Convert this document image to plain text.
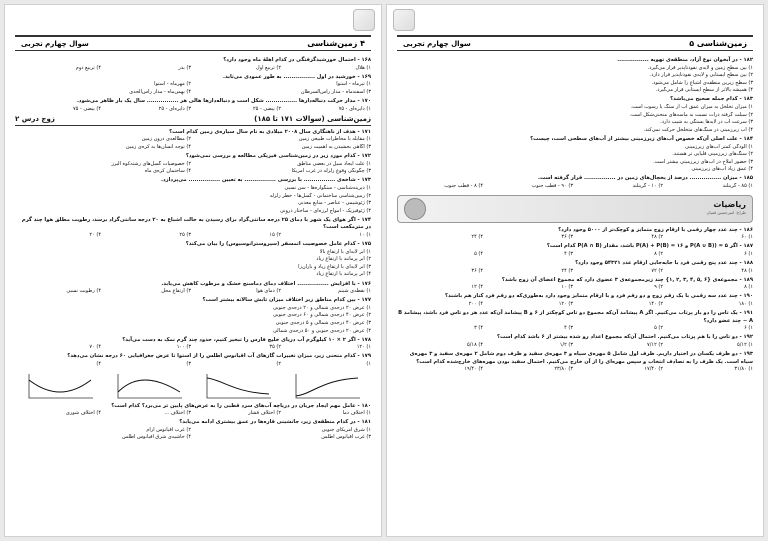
۴ زمین‌شناسی
سوال چهارم تجربی
۱۶۸ - احتمال خورشیدگرفتگی در کدام اهلهٔ ماه وجود دارد؟
۱) هلال
۲) تربیع اول
۳) بدر
۴) تربیع دوم
۱۶۹ - خورشید در اول ................ به طور عمودی می‌تابد.
۱) تیرماه - استوا
۲) مهرماه - استوا
۳) اسفندماه - مدار رأس‌السرطان
۴) بهمن‌ماه - مدار رأس‌الجدی
۱۷۰ - مدار حرکت دنباله‌دارها ................ شکل است و دنباله‌دارها هالی هر ................ سال یک بار ظاهر می‌شود.
۱) دایره‌ای - ۷۵
۲) بیضی - ۲۵
۳) دایره‌ای - ۲۵
۴) بیضی - ۷۵
زمین‌شناسی (سوالات ۱۷۱ تا ۱۸۵)
زوج درس ۲
۱۷۱ - هدف از ناهنگاری سال ۲۰۰۸ میلادی به نام سال سیاره‌ی زمین کدام است؟
۱) مقابله با مخاطرات طبیعی زمین
۲) مطالعه‌ی درون زمین
۳) آگاهی بخشیدن به اهمیت زمین
۴) توجه انسان‌ها به کره‌ی زمین
۱۷۲ - کدام مورد زیر در زمین‌شناسی فیزیکی مطالعه و بررسی نمی‌شود؟
۱) علت ایجاد سیل در بعضی مناطق
۲) خصوصیات گسل‌های رشته‌کوه البرز
۳) چگونگی وقوع زلزله در غرب آمریکا
۴) ساختمان کره‌ی ماه
۱۷۳ - شاخه‌ی ................ با بررسی ................ به تعیین ................ می‌پردازد.
۱) دیرینه‌شناسی - سنگواره‌ها - سن نسبی
۲) زمین‌شناسی ساختمانی - گسل‌ها - خطر زلزله
۳) ژئوشیمی - عناصر - منابع معدنی
۴) ژئوفیزیک - امواج لرزه‌ای - ساختار درونی
۱۷۴ - اگر هوای یک شهر با دمای ۲۵ درجه سانتی‌گراد برای رسیدن به حالت اشباع به ۲۰ درجه سانتی‌گراد برسد، رطوبت مطلق هوا چند گرم در مترمکعب است؟
۱) ۱۰
۲) ۱۵
۳) ۲۵
۴) ۲۰
۱۷۵ - کدام عامل خصوصیت اتمسفر (سیروسترانوسیوس) را بیان می‌کند؟
۱) ابر لایه‌ای با ارتفاع بالا
۲) ابر پرمانند با ارتفاع زیاد
۳) ابر لایه‌ای با ارتفاع زیاد و باران‌زا
۴) ابر پرمانند با ارتفاع زیاد
۱۷۶ - با افزایش ................ اختلاف دمای دماسنج خشک و مرطوب کاهش می‌یابد.
۱) نقطه‌ی شبنم
۲) دمای هوا
۳) ارتفاع محل
۴) رطوبت نسبی
۱۷۷ - بین کدام مناطق زیر اختلاف میزان تابش سالانه بیشتر است؟
۱) عرض ۲۰ درجه‌ی شمالی و ۲۰ درجه‌ی جنوبی
۲) عرض ۴۰ درجه‌ی شمالی و ۶۰ درجه‌ی جنوبی
۳) عرض ۴۰ درجه‌ی شمالی و ۵ درجه‌ی جنوبی
۴) عرض ۲۰ درجه‌ی جنوبی و ۵۰ درجه‌ی شمالی
۱۷۸ - اگر ۲ × ۱۰ کیلوگرم آب دریای خلیج فارس را تبخیر کنیم، حدود چند گرم نمک به دست می‌آید؟
۱) ۱۲۰
۲) ۳۵
۳) ۱۰۰
۴) ۷۰
۱۷۹ - کدام منحنی زیر، میزان تغییرات گازهای آب اقیانوس اطلس را از استوا تا عرض جغرافیایی ۶۰ درجه نشان می‌دهد؟
۱)
۲)
۳)
۴)
۱۸۰ - عامل مهم ایجاد جریان در دریاچه آب‌های سرد قطبی را به عرض‌های پایین تر می‌برد؟ کدام است؟
۱) اختلاف دما
۲) اختلاف فشار
۳) اختلاف ...
۴) اختلاف شوری
۱۸۱ - در کدام منطقه‌ی زیر، جانشینی قاره‌ها در عمق بیشتری ادامه می‌یابد؟
۱) شرق آمریکای جنوبی
۲) غرب اقیانوس آرام
۳) غرب اقیانوس اطلس
۴) حاشیه‌ی شرق اقیانوس اطلس
زمین‌شناسی ۵
سوال چهارم تجربی
۱۸۲ - در آبخوان نوع آزاد، منطقه‌ی تهویه ................
۱) بین سطح زمین و لایه‌ی نفوذناپذیر قرار می‌گیرد.
۲) بین سطح ایستابی و لایه‌ی نفوذناپذیر قرار دارد.
۳) سطح زیرین منطقه‌ی اشباع را شامل می‌شود.
۴) همیشه بالاتر از سطح ایستابی قرار می‌گیرد.
۱۸۳ - کدام جمله صحیح می‌باشد؟
۱) میزان تخلخل به میزان عمق آب از سنگ یا رسوب است.
۲) سیلت گرفته ذرات نسبت به ماسه‌های منحنی‌شکل است.
۳) سرعت آب در لایه‌ها بستگی به شیب دارد.
۴) آب زیرزمینی در سنگ‌های متخلخل حرکت نمی‌کند.
۱۸۴ - علت اصلی آن‌که خصوص آب‌های زیرزمینی بیشتر از آب‌های سطحی است، چیست؟
۱) آلودگی کمتر آب‌های زیرزمینی
۲) سنگ‌های زیرزمینی قلیایی تر هستند.
۳) حضور املاح در آب‌های زیرزمینی بیشتر است.
۴) عمق زیاد آب‌های زیرزمینی
۱۸۵ - میزان ................ درصد از یخچال‌های زمین در ................ قرار گرفته است.
۱) ۸۵ - گرینلند
۲) ۱۰ - گرینلند
۳) ۹۰ - قطب جنوب
۴) ۸ - قطب جنوب
ریاضیات
طراح: امیرحسین قمیان
۱۸۶ - چند عدد چهار رقمی با ارقام زوج متمایز و کوچک‌تر از ۵۰۰۰ وجود دارد؟
۱) ۶۰
۲) ۴۸
۳) ۳۶
۴) ۲۴
۱۸۷ - اگر ۵ = (P(A ∪ B) و ۱۶ = P(A) + P(B) باشد، مقدار (P(A ∩ B کدام است؟
۱) ۶
۲) ۸
۳) ۴
۴) ۵
۱۸۸ - چند عدد پنج رقمی فرد با جابه‌جایی ارقام عدد ۵۴۳۲۱ وجود دارد؟
۱) ۴۸
۲) ۷۲
۳) ۲۴
۴) ۳۶
۱۸۹ - مجموعه‌ی {۶ ,۵ ,۴ ,۳ ,۲ ,۱} چند زیرمجموعه‌ی ۳ عضوی دارد که مجموع اعضای آن زوج باشد؟
۱) ۸
۲) ۹
۳) ۱۰
۴) ۱۲
۱۹۰ - چند عدد سه رقمی با یک رقم زوج و دو رقم فرد و با ارقام متمایز وجود دارد به‌طوری‌که دو رقم فرد کنار هم باشند؟
۱) ۱۸۰
۲) ۱۴۰
۳) ۱۲۰
۴) ۲۰۰
۱۹۱ - یک تاس را دو بار پرتاب می‌کنیم. اگر A پیشامد آن‌که مجموع دو تاس کوچکتر از ۶ و B پیشامد آن‌که عدد هر دو تاس فرد باشد، پیشامد B − A چند عضو دارد؟
۱) ۶
۲) ۵
۳) ۴
۴) ۳
۱۹۲ - دو تاس را با هم پرتاب می‌کنیم. احتمال آن‌که مجموع اعداد رو شده بیشتر از ۶ باشد کدام است؟
۱) ۵/۱۲
۲) ۷/۱۲
۳) ۱/۲
۴) ۵/۱۸
۱۹۳ - دو ظرف یکسان در اختیار داریم. ظرف اول شامل ۵ مهره‌ی سیاه و ۳ مهره‌ی سفید و ظرف دوم شامل ۲ مهره‌ی سفید و ۳ مهره‌ی سیاه است. یک ظرف را به تصادف انتخاب و سپس مهره‌ای را از آن خارج می‌کنیم. احتمال سفید بودن مهره‌های خارج‌شده کدام است؟
۱) ۳۱/۸۰
۲) ۱۷/۴۰
۳) ۲۳/۸۰
۴) ۱۹/۴۰
